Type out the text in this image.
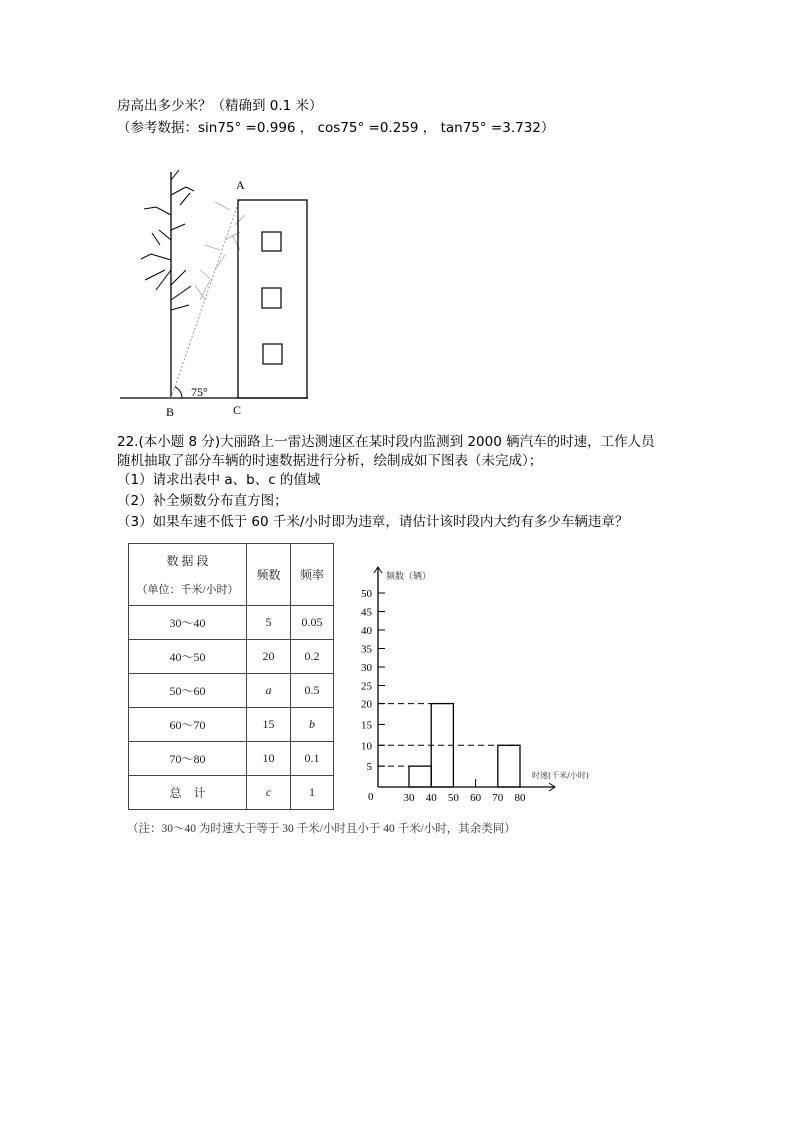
房高出多少米？（精确到 0.1 米）
（参考数据：sin75° =0.996 ， cos75° =0.259 ， tan75° =3.732）
75°
A
B	C
22.(本小题 8 分)大丽路上一雷达测速区在某时段内监测到 2000 辆汽车的时速，工作人员
随机抽取了部分车辆的时速数据进行分析，绘制成如下图表（未完成）；
（1）请求出表中 a、b、c 的值域
（2）补全频数分布直方图；
（3）如果车速不低于 60 千米/小时即为违章，请估计该时段内大约有多少车辆违章？
数 据 段
（单位：千米/小时）	频数	频率
30～40	5	0.05
40～50	20	0.2
50～60	a	0.5
60～70	15	b
70～80	10	0.1
总    计	c	1
频数（辆）
时速(千米/小时)
0
5
10
15
20
25
30
35
40
45
50
30 40 50 60 70 80
（注：30～40 为时速大于等于 30 千米/小时且小于 40 千米/小时，其余类同）
